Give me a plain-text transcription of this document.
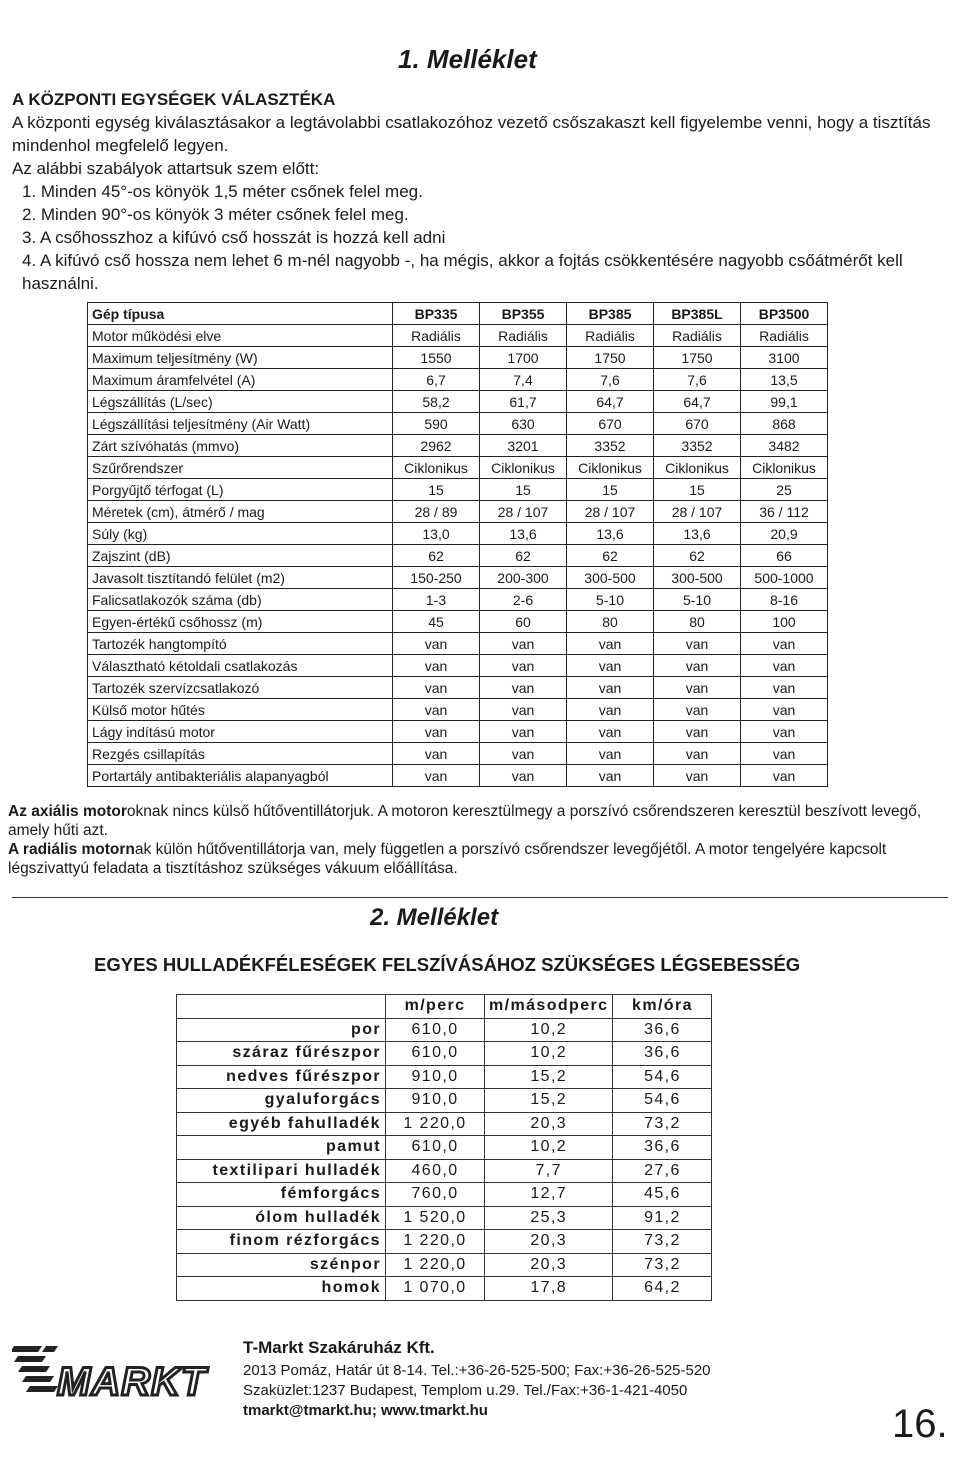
1. Melléklet
A KÖZPONTI EGYSÉGEK VÁLASZTÉKA
A központi egység kiválasztásakor a legtávolabbi csatlakozóhoz vezető csőszakaszt kell figyelembe venni, hogy a tisztítás mindenhol megfelelő legyen.
Az alábbi szabályok attartsuk szem előtt:
1. Minden 45°-os könyök 1,5 méter csőnek felel meg.
2. Minden 90°-os könyök 3 méter csőnek felel meg.
3. A csőhosszhoz a kifúvó cső hosszát is hozzá kell adni
4. A kifúvó cső hossza nem lehet 6 m-nél nagyobb -, ha mégis, akkor a fojtás csökkentésére nagyobb csőátmérőt kell használni.
Gép típusa	BP335	BP355	BP385	BP385L	BP3500
Motor működési elve	Radiális	Radiális	Radiális	Radiális	Radiális
Maximum teljesítmény (W)	1550	1700	1750	1750	3100
Maximum áramfelvétel (A)	6,7	7,4	7,6	7,6	13,5
Légszállítás (L/sec)	58,2	61,7	64,7	64,7	99,1
Légszállítási teljesítmény (Air Watt)	590	630	670	670	868
Zárt szívóhatás (mmvo)	2962	3201	3352	3352	3482
Szűrőrendszer	Ciklonikus	Ciklonikus	Ciklonikus	Ciklonikus	Ciklonikus
Porgyűjtő térfogat (L)	15	15	15	15	25
Méretek (cm), átmérő / mag	28 / 89	28 / 107	28 / 107	28 / 107	36 / 112
Súly (kg)	13,0	13,6	13,6	13,6	20,9
Zajszint (dB)	62	62	62	62	66
Javasolt tisztítandó felület (m2)	150-250	200-300	300-500	300-500	500-1000
Falicsatlakozók száma (db)	1-3	2-6	5-10	5-10	8-16
Egyen-értékű csőhossz (m)	45	60	80	80	100
Tartozék hangtompító	van	van	van	van	van
Választható kétoldali csatlakozás	van	van	van	van	van
Tartozék szervízcsatlakozó	van	van	van	van	van
Külső motor hűtés	van	van	van	van	van
Lágy indítású motor	van	van	van	van	van
Rezgés csillapítás	van	van	van	van	van
Portartály antibakteriális alapanyagból	van	van	van	van	van
Az axiális motoroknak nincs külső hűtőventillátorjuk. A motoron keresztülmegy a porszívó csőrendszeren keresztül beszívott levegő, amely hűti azt.
A radiális motornak külön hűtőventillátorja van, mely független a porszívó csőrendszer levegőjétől. A motor tengelyére kapcsolt légszivattyú feladata a tisztításhoz szükséges vákuum előállítása.
2. Melléklet
EGYES HULLADÉKFÉLESÉGEK FELSZÍVÁSÁHOZ SZÜKSÉGES LÉGSEBESSÉG
	m/perc	m/másodperc	km/óra
por	610,0	10,2	36,6
száraz fűrészpor	610,0	10,2	36,6
nedves fűrészpor	910,0	15,2	54,6
gyaluforgács	910,0	15,2	54,6
egyéb fahulladék	1 220,0	20,3	73,2
pamut	610,0	10,2	36,6
textilipari hulladék	460,0	7,7	27,6
fémforgács	760,0	12,7	45,6
ólom hulladék	1 520,0	25,3	91,2
finom rézforgács	1 220,0	20,3	73,2
szénpor	1 220,0	20,3	73,2
homok	1 070,0	17,8	64,2
MARKT
T-Markt Szakáruház Kft.
2013 Pomáz, Határ út 8-14. Tel.:+36-26-525-500; Fax:+36-26-525-520
Szaküzlet:1237 Budapest, Templom u.29. Tel./Fax:+36-1-421-4050
tmarkt@tmarkt.hu; www.tmarkt.hu	16.
